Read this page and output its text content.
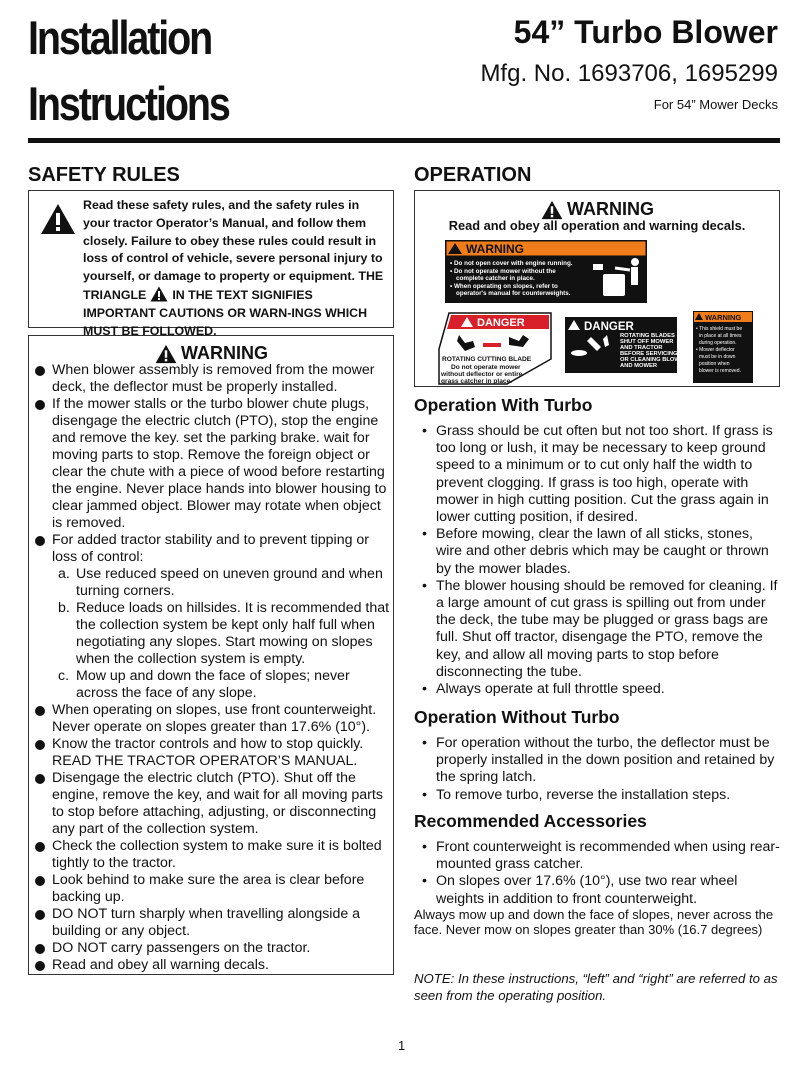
Installation
Instructions
54” Turbo Blower
Mfg. No. 1693706, 1695299
For 54” Mower Decks
SAFETY RULES	OPERATION
Read these safety rules, and the safety rules in your tractor Operator’s Manual, and follow them closely. Failure to obey these rules could result in loss of control of vehicle, severe personal injury to yourself, or damage to property or equipment. THE TRIANGLE IN THE TEXT SIGNIFIES IMPORTANT CAUTIONS OR WARN-INGS WHICH MUST BE FOLLOWED.
WARNING
When blower assembly is removed from the mower deck, the deflector must be properly installed.
If the mower stalls or the turbo blower chute plugs, disengage the electric clutch (PTO), stop the engine and remove the key. set the parking brake. wait for moving parts to stop. Remove the foreign object or clear the chute with a piece of wood before restarting the engine. Never place hands into blower housing to clear jammed object. Blower may rotate when object is removed.
For added tractor stability and to prevent tipping or loss of control:
a. Use reduced speed on uneven ground and when turning corners.
b. Reduce loads on hillsides. It is recommended that the collection system be kept only half full when negotiating any slopes. Start mowing on slopes when the collection system is empty.
c. Mow up and down the face of slopes; never across the face of any slope.
When operating on slopes, use front counterweight. Never operate on slopes greater than 17.6% (10°).
Know the tractor controls and how to stop quickly. READ THE TRACTOR OPERATOR’S MANUAL.
Disengage the electric clutch (PTO). Shut off the engine, remove the key, and wait for all moving parts to stop before attaching, adjusting, or disconnecting any part of the collection system.
Check the collection system to make sure it is bolted tightly to the tractor.
Look behind to make sure the area is clear before backing up.
DO NOT turn sharply when travelling alongside a building or any object.
DO NOT carry passengers on the tractor.
Read and obey all warning decals.
WARNING
Read and obey all operation and warning decals.
WARNING
• Do not open cover with engine running.
• Do not operate mower without the
complete catcher in place.
• When operating on slopes, refer to
operator's manual for counterweights.
DANGER
ROTATING CUTTING BLADE
Do not operate mower
without deflector or entire
grass catcher in place.
DANGER
ROTATING BLADES
SHUT OFF MOWER
AND TRACTOR
BEFORE SERVICING
OR CLEANING BLOWER
AND MOWER
WARNING
• This shield must be
in place at all times
during operation.
• Mower deflector
must be in down
position when
blower is removed.
Operation With Turbo
• Grass should be cut often but not too short. If grass is too long or lush, it may be necessary to keep ground speed to a minimum or to cut only half the width to prevent clogging. If grass is too high, operate with mower in high cutting position. Cut the grass again in lower cutting position, if desired.
• Before mowing, clear the lawn of all sticks, stones, wire and other debris which may be caught or thrown by the mower blades.
• The blower housing should be removed for cleaning. If a large amount of cut grass is spilling out from under the deck, the tube may be plugged or grass bags are full. Shut off tractor, disengage the PTO, remove the key, and allow all moving parts to stop before disconnecting the tube.
• Always operate at full throttle speed.
Operation Without Turbo
• For operation without the turbo, the deflector must be properly installed in the down position and retained by the spring latch.
• To remove turbo, reverse the installation steps.
Recommended Accessories
• Front counterweight is recommended when using rear-mounted grass catcher.
• On slopes over 17.6% (10°), use two rear wheel weights in addition to front counterweight.
Always mow up and down the face of slopes, never across the face. Never mow on slopes greater than 30% (16.7 degrees)
NOTE: In these instructions, “left” and “right” are referred to as seen from the operating position.
1
